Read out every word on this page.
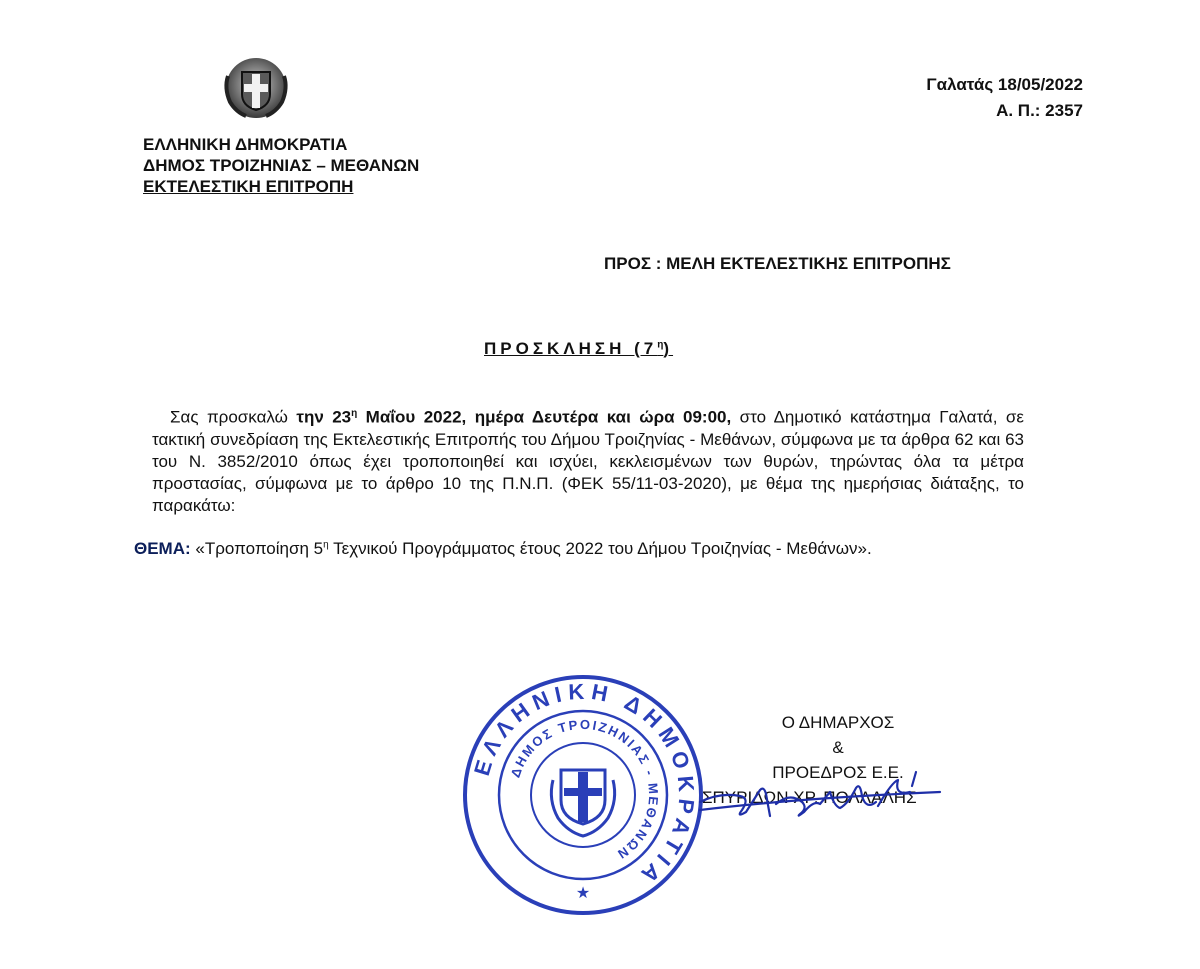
ΕΛΛΗΝΙΚΗ ΔΗΜΟΚΡΑΤΙΑ
ΔΗΜΟΣ ΤΡΟΙΖΗΝΙΑΣ – ΜΕΘΑΝΩΝ
ΕΚΤΕΛΕΣΤΙΚΗ ΕΠΙΤΡΟΠΗ
Γαλατάς 18/05/2022
Α. Π.: 2357
ΠΡΟΣ : ΜΕΛΗ ΕΚΤΕΛΕΣΤΙΚΗΣ ΕΠΙΤΡΟΠΗΣ
ΠΡΟΣΚΛΗΣΗ $(7^\eta)$
Σας προσκαλώ την $23^\eta$ Μαΐου 2022, ημέρα Δευτέρα και ώρα 09:00, στο Δημοτικό κατάστημα Γαλατά, σε τακτική συνεδρίαση της Εκτελεστικής Επιτροπής του Δήμου Τροιζηνίας - Μεθάνων, σύμφωνα με τα άρθρα 62 και 63 του Ν. 3852/2010 όπως έχει τροποποιηθεί και ισχύει, κεκλεισμένων των θυρών, τηρώντας όλα τα μέτρα προστασίας, σύμφωνα με το άρθρο 10 της Π.Ν.Π. (ΦΕΚ 55/11-03-2020), με θέμα της ημερήσιας διάταξης, το παρακάτω:
ΘΕΜΑ: «Τροποποίηση $5^\eta$ Τεχνικού Προγράμματος έτους 2022 του Δήμου Τροιζηνίας - Μεθάνων».
ΕΛΛΗΝΙΚΗ ΔΗΜΟΚΡΑΤΙΑ
ΔΗΜΟΣ ΤΡΟΙΖΗΝΙΑΣ - ΜΕΘΑΝΩΝ
★
Ο ΔΗΜΑΡΧΟΣ
&
ΠΡΟΕΔΡΟΣ Ε.Ε.
ΣΠΥΡΙΔΩΝ ΧΡ. ΠΟΛΛΑΛΗΣ
